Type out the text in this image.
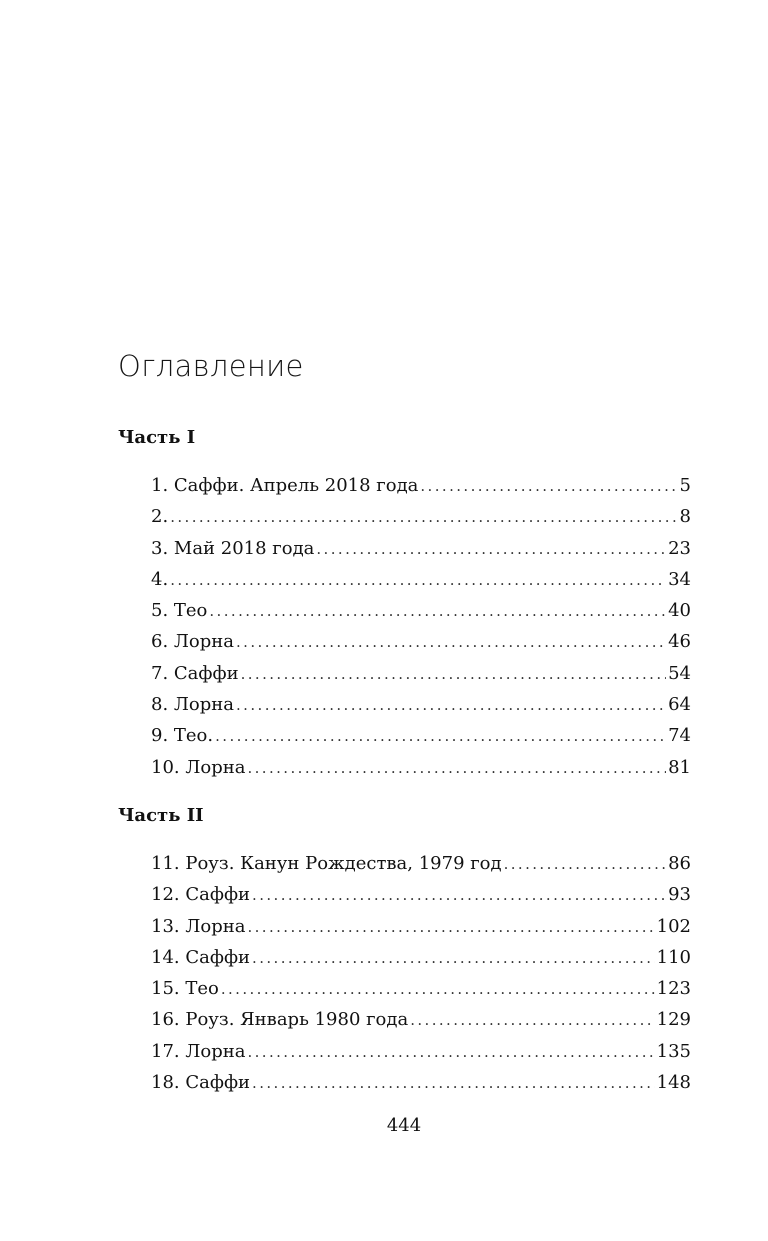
Оглавление
Часть I
1. Саффи. Апрель 2018 года .....	5
2. .....	8
3. Май 2018 года .....	23
4. .....	34
5. Тео .....	40
6. Лорна .....	46
7. Саффи .....	54
8. Лорна .....	64
9. Тео. .....	74
10. Лорна .....	81
Часть II
11. Роуз. Канун Рождества, 1979 год .....	86
12. Саффи .....	93
13. Лорна .....	102
14. Саффи .....	110
15. Тео .....	123
16. Роуз. Январь 1980 года .....	129
17. Лорна .....	135
18. Саффи .....	148
444
